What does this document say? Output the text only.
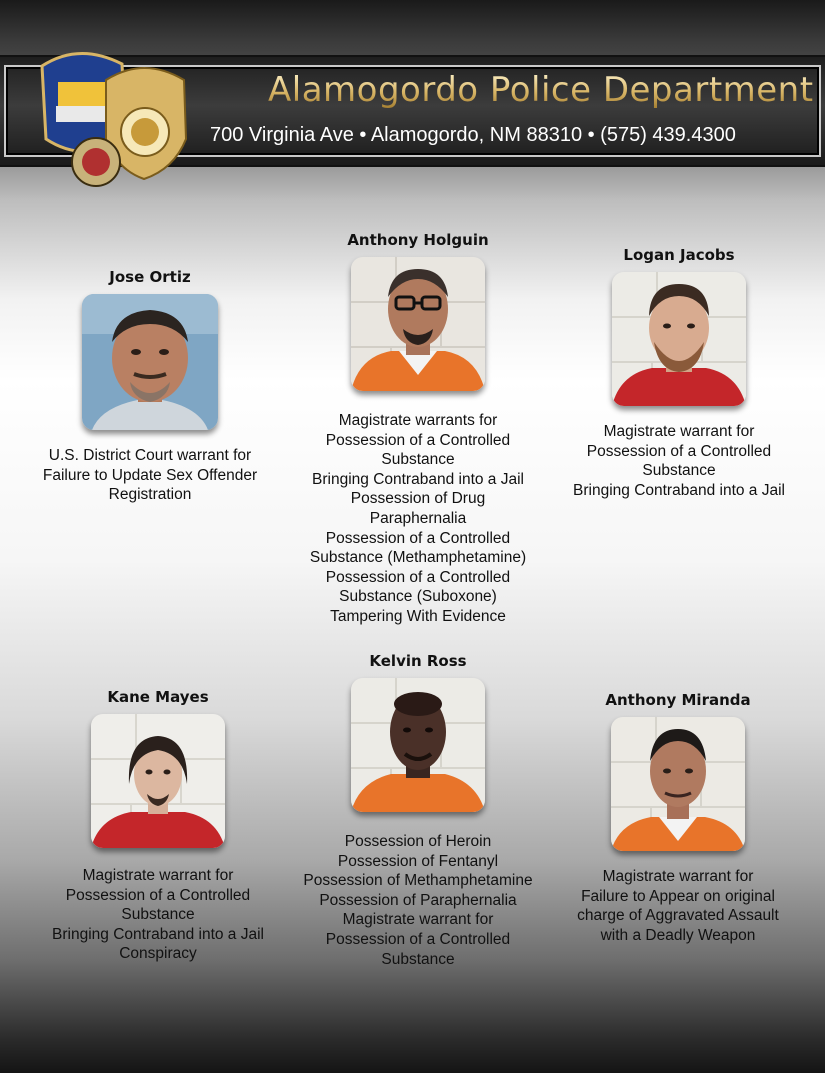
Alamogordo Police Department
700 Virginia Ave • Alamogordo, NM 88310 • (575) 439.4300
Jose Ortiz
U.S. District Court warrant for
Failure to Update Sex Offender
Registration
Anthony Holguin
Magistrate warrants for
Possession of a Controlled
Substance
Bringing Contraband into a Jail
Possession of Drug
Paraphernalia
Possession of a Controlled
Substance (Methamphetamine)
Possession of a Controlled
Substance (Suboxone)
Tampering With Evidence
Logan Jacobs
Magistrate warrant for
Possession of a Controlled
Substance
Bringing Contraband into a Jail
Kane Mayes
Magistrate warrant for
Possession of a Controlled
Substance
Bringing Contraband into a Jail
Conspiracy
Kelvin Ross
Possession of Heroin
Possession of Fentanyl
Possession of Methamphetamine
Possession of Paraphernalia
Magistrate warrant for
Possession of a Controlled
Substance
Anthony Miranda
Magistrate warrant for
Failure to Appear on original
charge of Aggravated Assault
with a Deadly Weapon
